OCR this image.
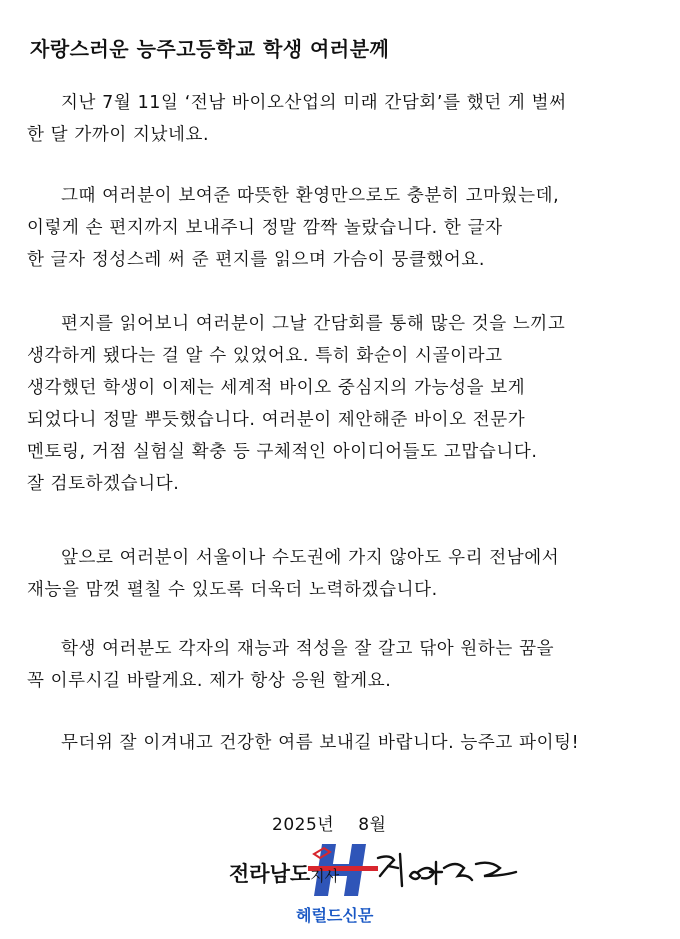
자랑스러운 능주고등학교 학생 여러분께
지난 7월 11일 ‘전남 바이오산업의 미래 간담회’를 했던 게 벌써
한 달 가까이 지났네요.
그때 여러분이 보여준 따뜻한 환영만으로도 충분히 고마웠는데,
이렇게 손 편지까지 보내주니 정말 깜짝 놀랐습니다. 한 글자
한 글자 정성스레 써 준 편지를 읽으며 가슴이 뭉클했어요.
편지를 읽어보니 여러분이 그날 간담회를 통해 많은 것을 느끼고
생각하게 됐다는 걸 알 수 있었어요. 특히 화순이 시골이라고
생각했던 학생이 이제는 세계적 바이오 중심지의 가능성을 보게
되었다니 정말 뿌듯했습니다. 여러분이 제안해준 바이오 전문가
멘토링, 거점 실험실 확충 등 구체적인 아이디어들도 고맙습니다.
잘 검토하겠습니다.
앞으로 여러분이 서울이나 수도권에 가지 않아도 우리 전남에서
재능을 맘껏 펼칠 수 있도록 더욱더 노력하겠습니다.
학생 여러분도 각자의 재능과 적성을 잘 갈고 닦아 원하는 꿈을
꼭 이루시길 바랄게요. 제가 항상 응원 할게요.
무더위 잘 이겨내고 건강한 여름 보내길 바랍니다. 능주고 파이팅!
2025년 8월
전라남도지사
헤럴드신문
